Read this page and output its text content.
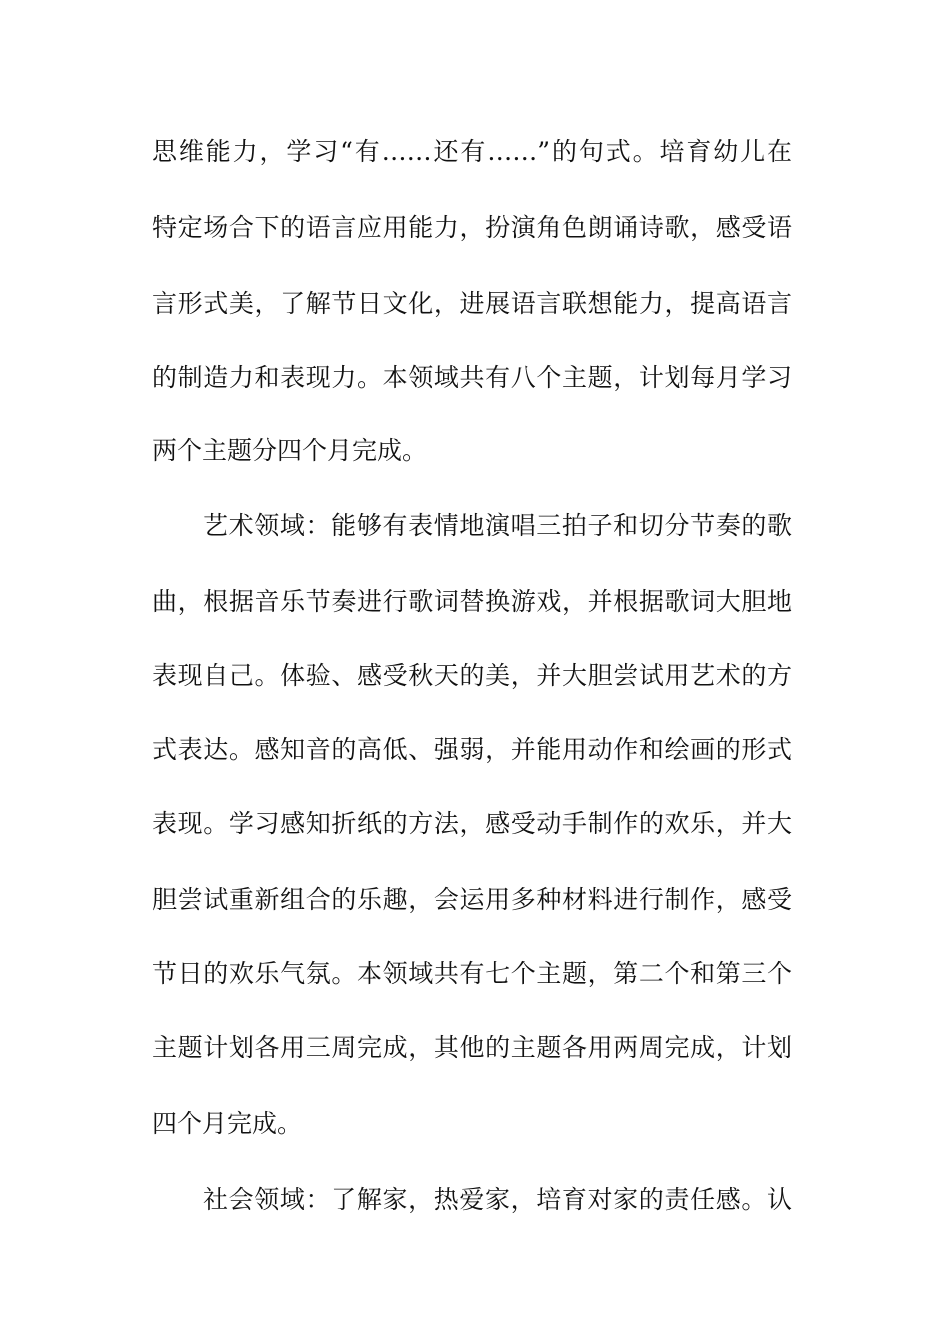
思维能力，学习“有……还有……”的句式。培育幼儿在
特定场合下的语言应用能力，扮演角色朗诵诗歌，感受语
言形式美，了解节日文化，进展语言联想能力，提高语言
的制造力和表现力。本领域共有八个主题，计划每月学习
两个主题分四个月完成。
艺术领域：能够有表情地演唱三拍子和切分节奏的歌
曲，根据音乐节奏进行歌词替换游戏，并根据歌词大胆地
表现自己。体验、感受秋天的美，并大胆尝试用艺术的方
式表达。感知音的高低、强弱，并能用动作和绘画的形式
表现。学习感知折纸的方法，感受动手制作的欢乐，并大
胆尝试重新组合的乐趣，会运用多种材料进行制作，感受
节日的欢乐气氛。本领域共有七个主题，第二个和第三个
主题计划各用三周完成，其他的主题各用两周完成，计划
四个月完成。
社会领域：了解家，热爱家，培育对家的责任感。认
